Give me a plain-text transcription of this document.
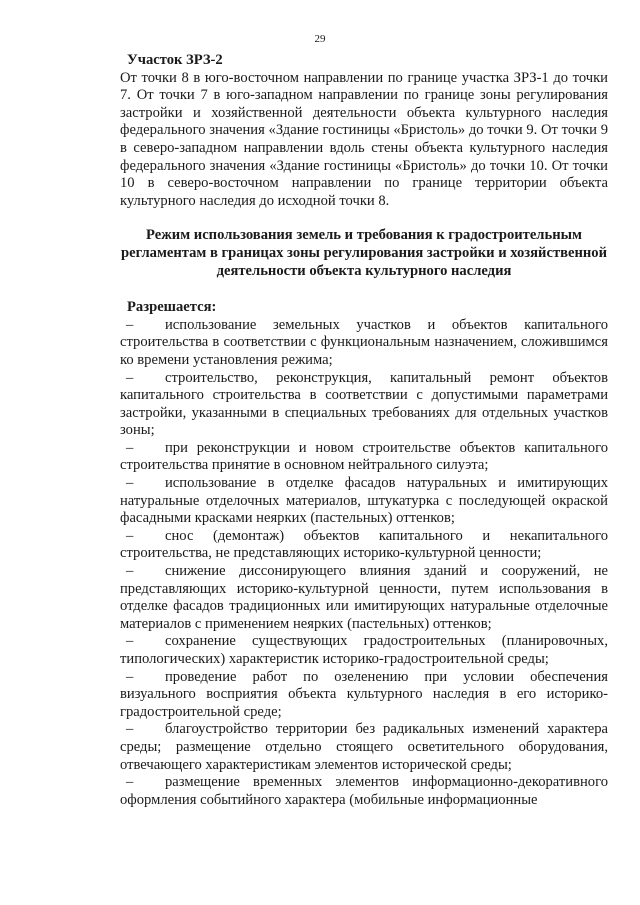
29

Участок ЗРЗ-2

От точки 8 в юго-восточном направлении по границе участка ЗРЗ-1 до точки 7. От точки 7 в юго-западном направлении по границе зоны регулирования застройки и хозяйственной деятельности объекта культурного наследия федерального значения «Здание гостиницы «Бристоль» до точки 9. От точки 9 в северо-западном направлении вдоль стены объекта культурного наследия федерального значения «Здание гостиницы «Бристоль» до точки 10. От точки 10 в северо-восточном направлении по границе территории объекта культурного наследия до исходной точки 8.

Режим использования земель и требования к градостроительным регламентам в границах зоны регулирования застройки и хозяйственной деятельности объекта культурного наследия

Разрешается:

– использование земельных участков и объектов капитального строительства в соответствии с функциональным назначением, сложившимся ко времени установления режима;

– строительство, реконструкция, капитальный ремонт объектов капитального строительства в соответствии с допустимыми параметрами застройки, указанными в специальных требованиях для отдельных участков зоны;

– при реконструкции и новом строительстве объектов капитального строительства принятие в основном нейтрального силуэта;

– использование в отделке фасадов натуральных и имитирующих натуральные отделочных материалов, штукатурка с последующей окраской фасадными красками неярких (пастельных) оттенков;

– снос (демонтаж) объектов капитального и некапитального строительства, не представляющих историко-культурной ценности;

– снижение диссонирующего влияния зданий и сооружений, не представляющих историко-культурной ценности, путем использования в отделке фасадов традиционных или имитирующих натуральные отделочные материалов с применением неярких (пастельных) оттенков;

– сохранение существующих градостроительных (планировочных, типологических) характеристик историко-градостроительной среды;

– проведение работ по озеленению при условии обеспечения визуального восприятия объекта культурного наследия в его историко-градостроительной среде;

– благоустройство территории без радикальных изменений характера среды; размещение отдельно стоящего осветительного оборудования, отвечающего характеристикам элементов исторической среды;

– размещение временных элементов информационно-декоративного оформления событийного характера (мобильные информационные
